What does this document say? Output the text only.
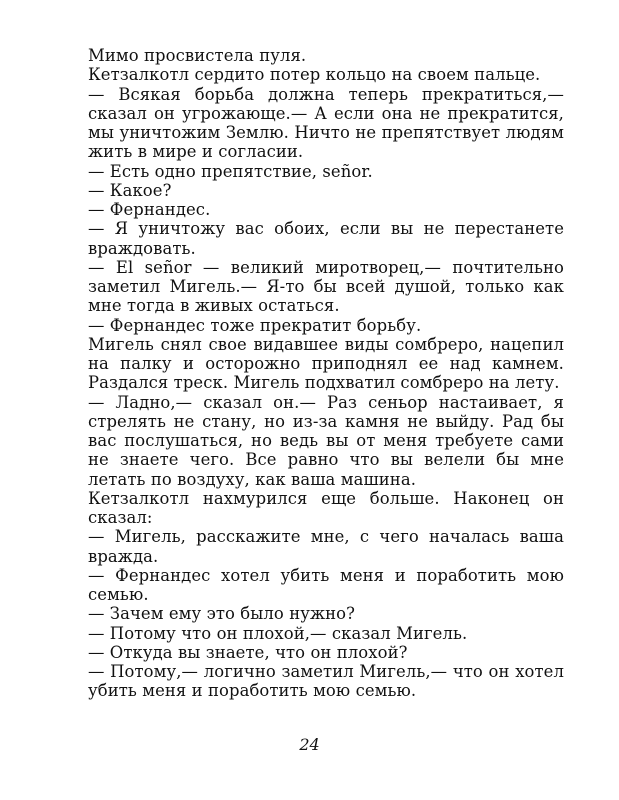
Мимо просвистела пуля.

Кетзалкотл сердито потер кольцо на своем пальце.

— Всякая борьба должна теперь прекратиться,— сказал он угрожающе.— А если она не прекратится, мы уничтожим Землю. Ничто не препятствует людям жить в мире и согласии.

— Есть одно препятствие, señor.

— Какое?

— Фернандес.

— Я уничтожу вас обоих, если вы не перестанете враждовать.

— El señor — великий миротворец,— почтительно заметил Мигель.— Я-то бы всей душой, только как мне тогда в живых остаться.

— Фернандес тоже прекратит борьбу.

Мигель снял свое видавшее виды сомбреро, нацепил на палку и осторожно приподнял ее над камнем. Раздался треск. Мигель подхватил сомбреро на лету.

— Ладно,— сказал он.— Раз сеньор настаивает, я стрелять не стану, но из-за камня не выйду. Рад бы вас послушаться, но ведь вы от меня требуете сами не знаете чего. Все равно что вы велели бы мне летать по воздуху, как ваша машина.

Кетзалкотл нахмурился еще больше. Наконец он сказал:

— Мигель, расскажите мне, с чего началась ваша вражда.

— Фернандес хотел убить меня и поработить мою семью.

— Зачем ему это было нужно?

— Потому что он плохой,— сказал Мигель.

— Откуда вы знаете, что он плохой?

— Потому,— логично заметил Мигель,— что он хотел убить меня и поработить мою семью.

24
